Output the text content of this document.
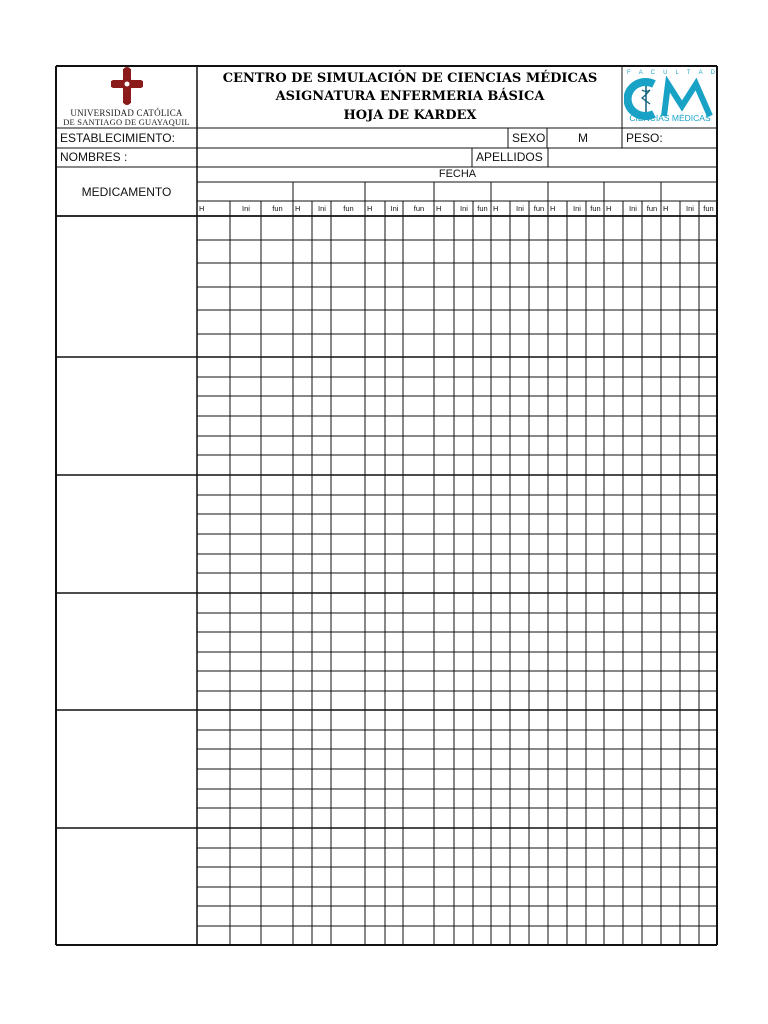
UNIVERSIDAD CATÓLICA
DE SANTIAGO DE GUAYAQUIL
CENTRO DE SIMULACIÓN DE CIENCIAS MÉDICAS
ASIGNATURA ENFERMERIA BÁSICA
HOJA DE KARDEX
F A C U L T A D
CIENCIAS MÉDICAS
ESTABLECIMIENTO:	SEXO	M	PESO:
NOMBRES :	APELLIDOS
MEDICAMENTO
FECHA
H	Ini	fun	H	Ini	fun	H	Ini	fun	H	Ini	fun H	Ini	fun H	Ini	fun H	Ini	fun H	Ini	fun
